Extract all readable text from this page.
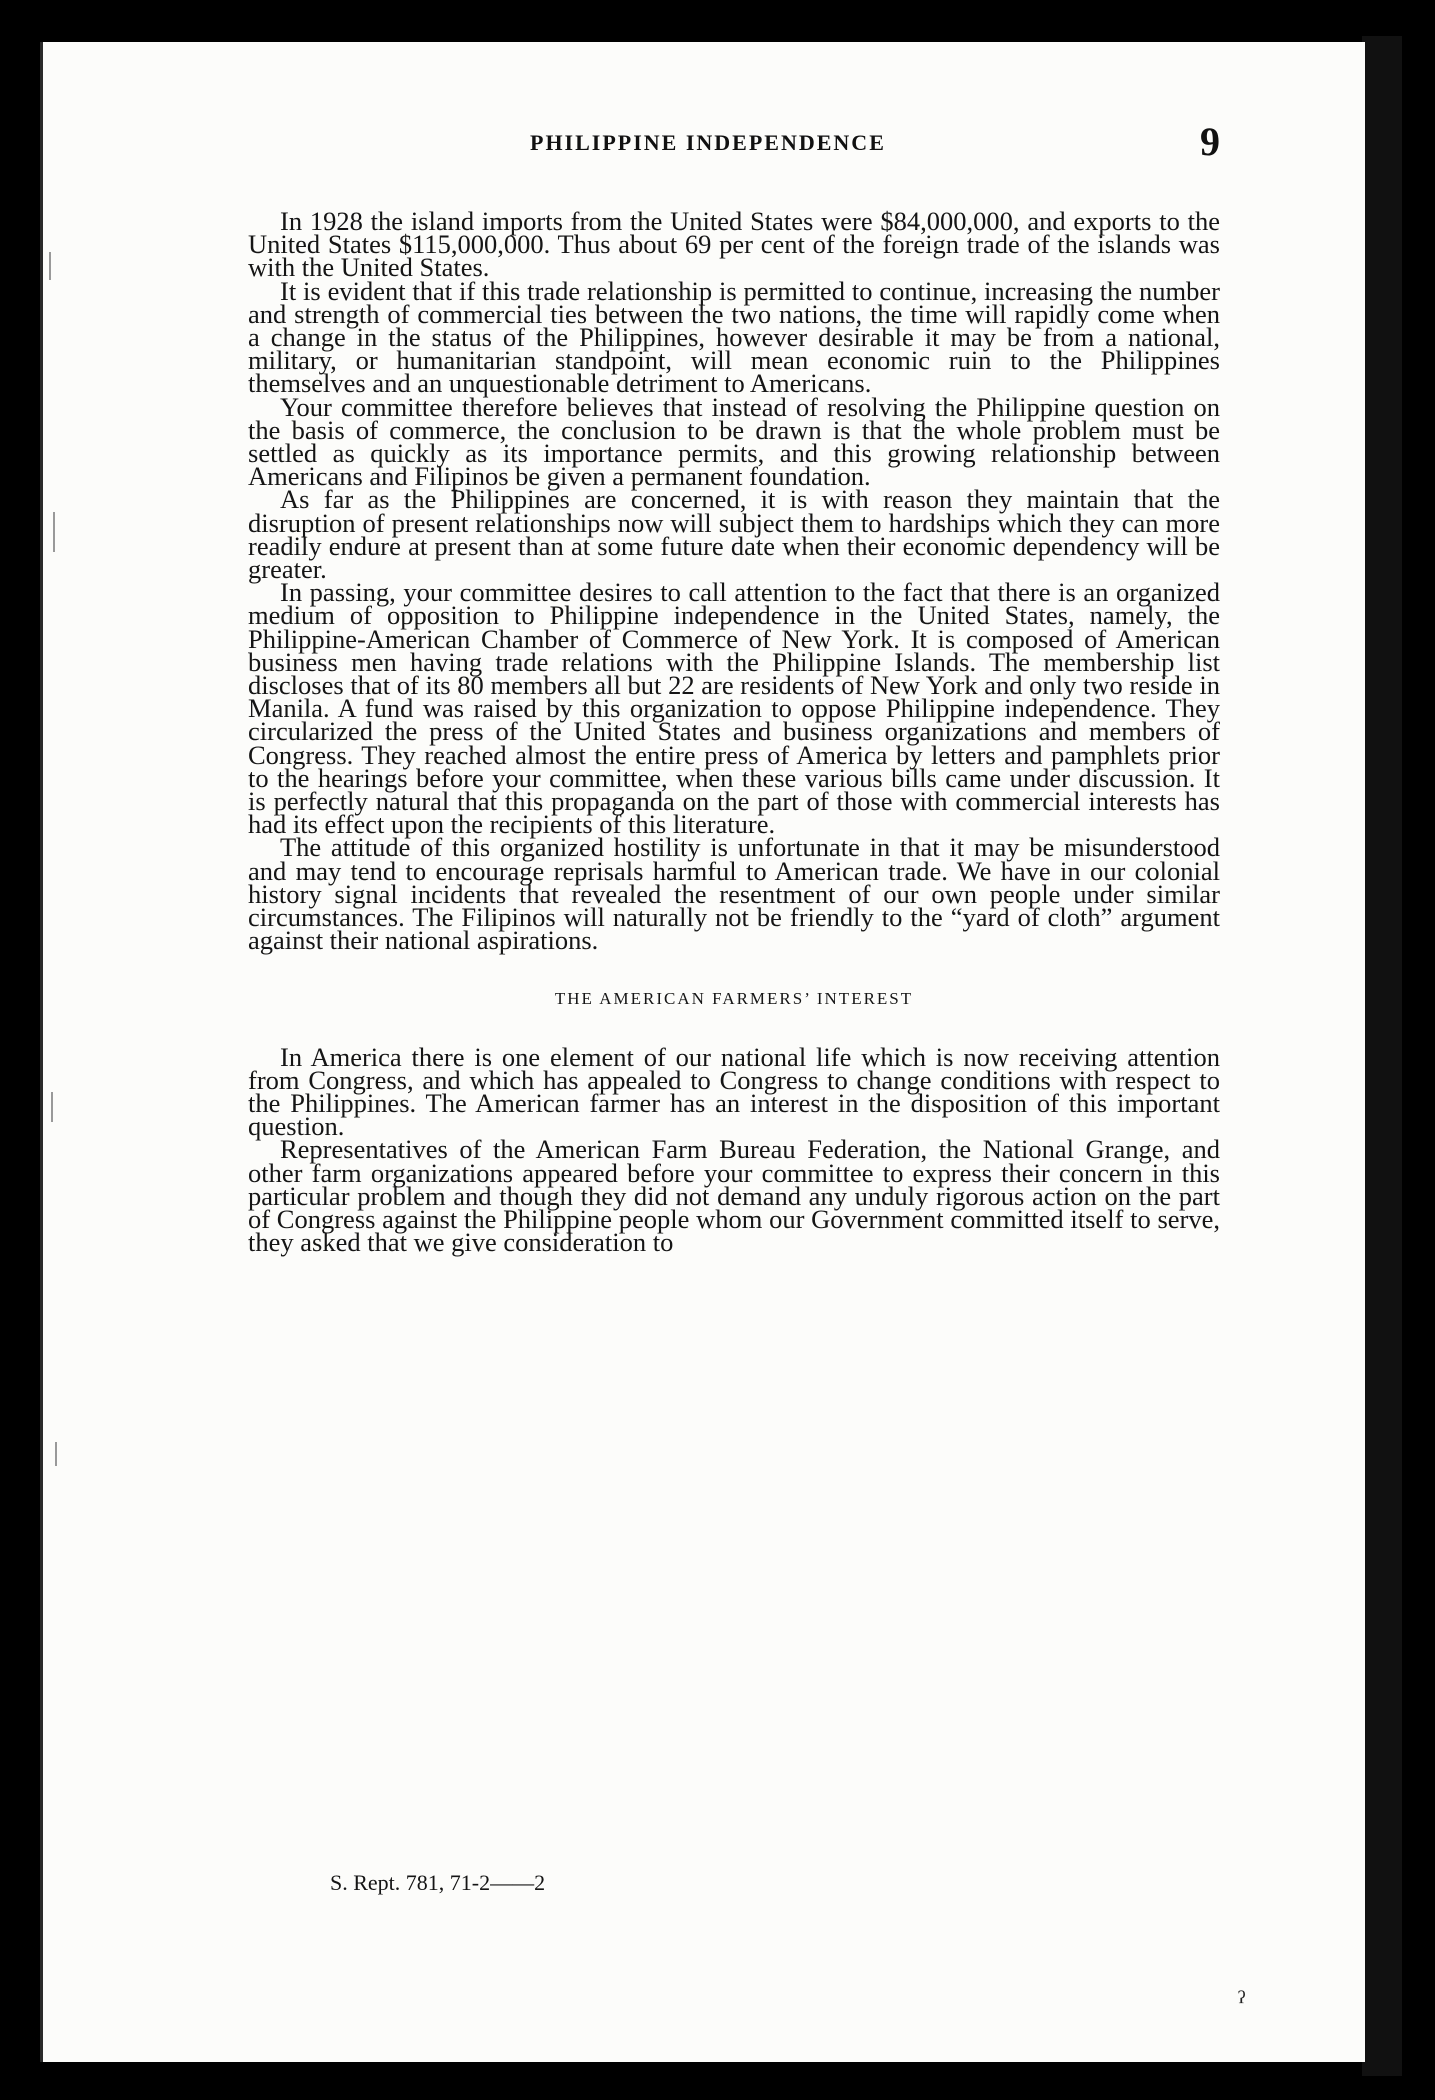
PHILIPPINE INDEPENDENCE	9

In 1928 the island imports from the United States were $84,000,000, and exports to the United States $115,000,000. Thus about 69 per cent of the foreign trade of the islands was with the United States.

It is evident that if this trade relationship is permitted to continue, increasing the number and strength of commercial ties between the two nations, the time will rapidly come when a change in the status of the Philippines, however desirable it may be from a national, military, or humanitarian standpoint, will mean economic ruin to the Philippines themselves and an unquestionable detriment to Americans.

Your committee therefore believes that instead of resolving the Philippine question on the basis of commerce, the conclusion to be drawn is that the whole problem must be settled as quickly as its importance permits, and this growing relationship between Americans and Filipinos be given a permanent foundation.

As far as the Philippines are concerned, it is with reason they maintain that the disruption of present relationships now will subject them to hardships which they can more readily endure at present than at some future date when their economic dependency will be greater.

In passing, your committee desires to call attention to the fact that there is an organized medium of opposition to Philippine independence in the United States, namely, the Philippine-American Chamber of Commerce of New York. It is composed of American business men having trade relations with the Philippine Islands. The membership list discloses that of its 80 members all but 22 are residents of New York and only two reside in Manila. A fund was raised by this organization to oppose Philippine independence. They circularized the press of the United States and business organizations and members of Congress. They reached almost the entire press of America by letters and pamphlets prior to the hearings before your committee, when these various bills came under discussion. It is perfectly natural that this propaganda on the part of those with commercial interests has had its effect upon the recipients of this literature.

The attitude of this organized hostility is unfortunate in that it may be misunderstood and may tend to encourage reprisals harmful to American trade. We have in our colonial history signal incidents that revealed the resentment of our own people under similar circumstances. The Filipinos will naturally not be friendly to the “yard of cloth” argument against their national aspirations.

THE AMERICAN FARMERS’ INTEREST

In America there is one element of our national life which is now receiving attention from Congress, and which has appealed to Congress to change conditions with respect to the Philippines. The American farmer has an interest in the disposition of this important question.

Representatives of the American Farm Bureau Federation, the National Grange, and other farm organizations appeared before your committee to express their concern in this particular problem and though they did not demand any unduly rigorous action on the part of Congress against the Philippine people whom our Government committed itself to serve, they asked that we give consideration to

S. Rept. 781, 71-2——2
ˀ
